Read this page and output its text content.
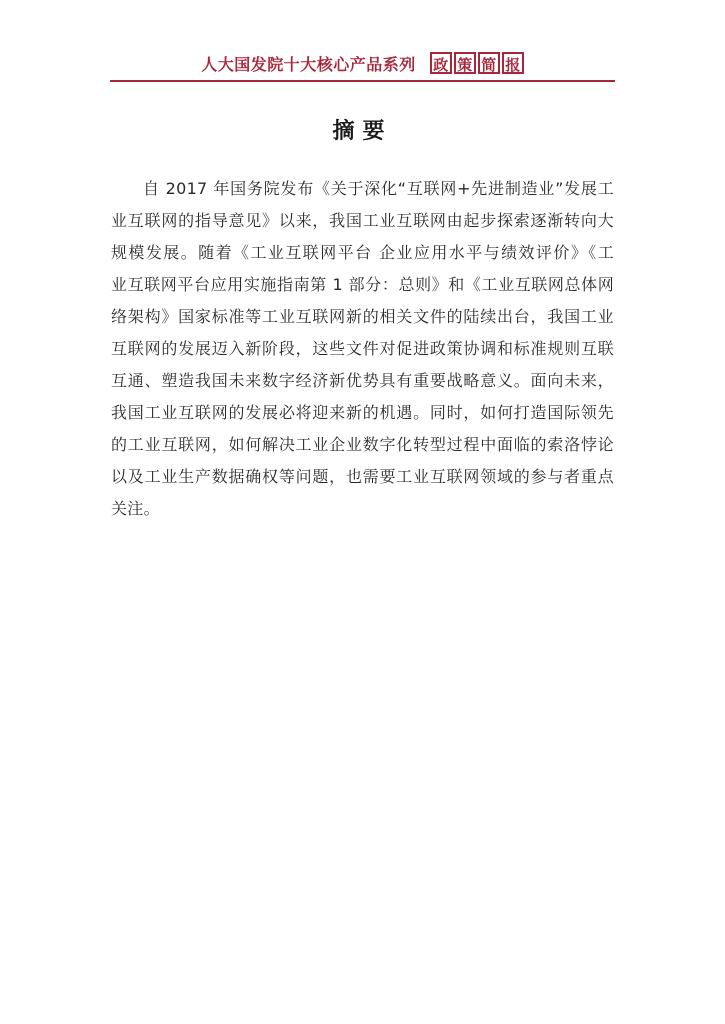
人大国发院十大核心产品系列 政 策 简 报
摘要
自 2017 年国务院发布《关于深化“互联网+先进制造业”发展工
业互联网的指导意见》以来，我国工业互联网由起步探索逐渐转向大
规模发展。随着《工业互联网平台 企业应用水平与绩效评价》《工
业互联网平台应用实施指南第 1 部分：总则》和《工业互联网总体网
络架构》国家标准等工业互联网新的相关文件的陆续出台，我国工业
互联网的发展迈入新阶段，这些文件对促进政策协调和标准规则互联
互通、塑造我国未来数字经济新优势具有重要战略意义。面向未来，
我国工业互联网的发展必将迎来新的机遇。同时，如何打造国际领先
的工业互联网，如何解决工业企业数字化转型过程中面临的索洛悖论
以及工业生产数据确权等问题，也需要工业互联网领域的参与者重点
关注。
